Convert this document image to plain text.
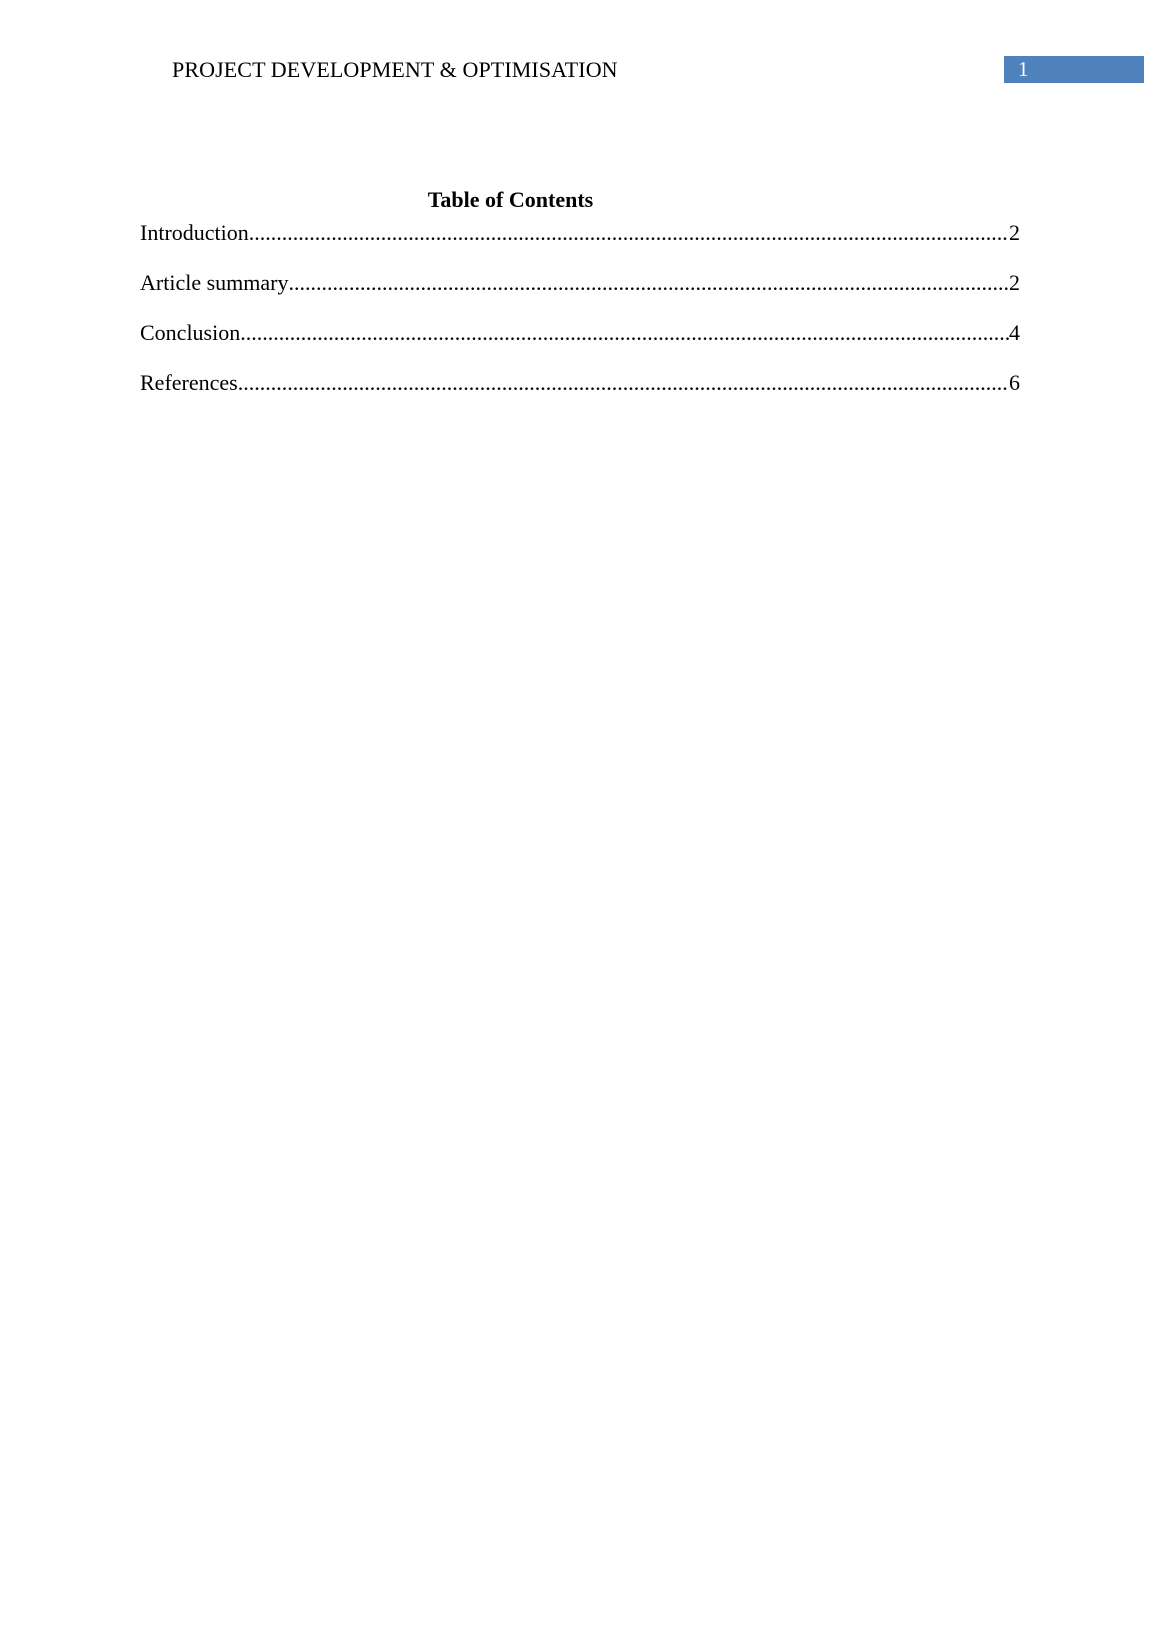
PROJECT DEVELOPMENT & OPTIMISATION	1
Table of Contents
Introduction .....	2
Article summary .....	2
Conclusion .....	4
References .....	6
